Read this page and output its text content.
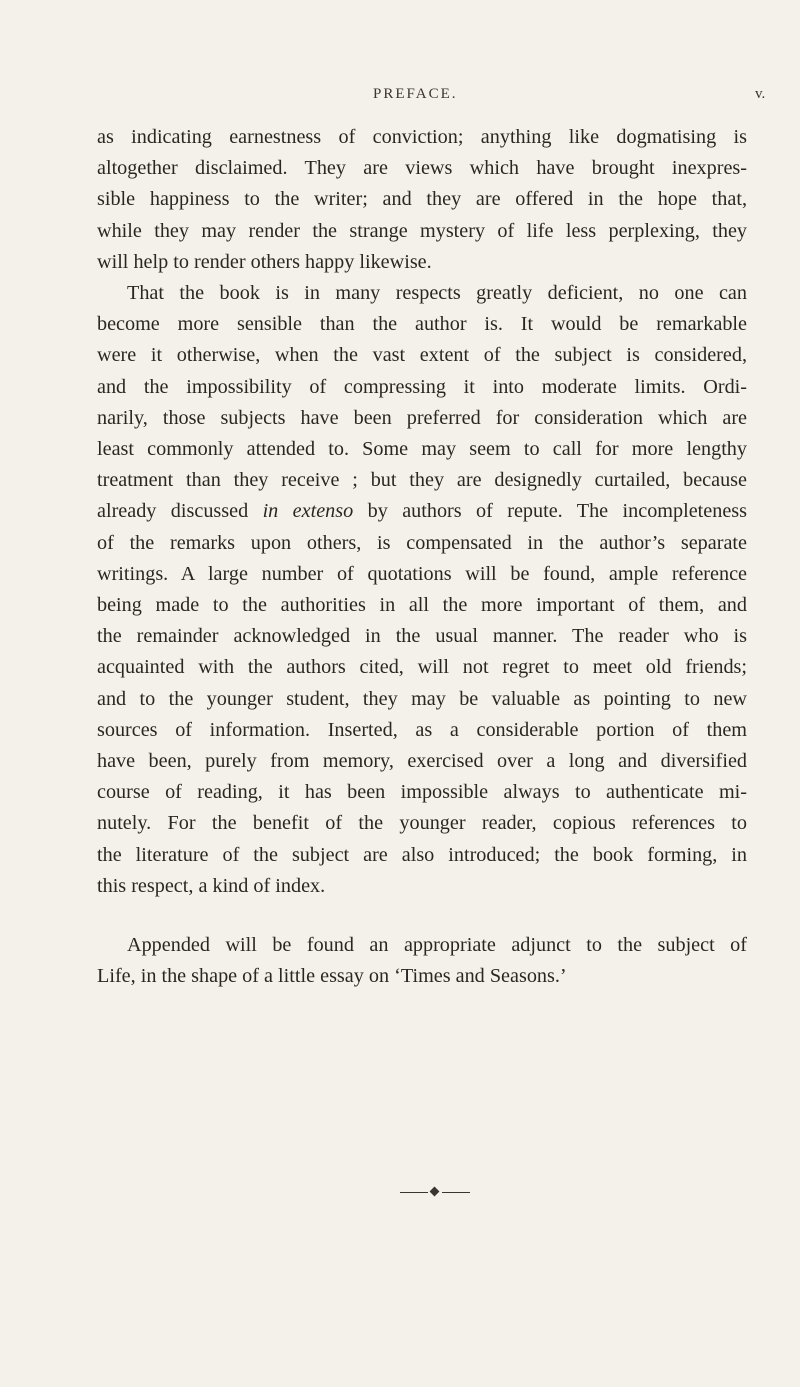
PREFACE.	v.
as indicating earnestness of conviction; anything like dogmatising is
altogether disclaimed. They are views which have brought inexpres-
sible happiness to the writer; and they are offered in the hope that,
while they may render the strange mystery of life less perplexing, they
will help to render others happy likewise.
That the book is in many respects greatly deficient, no one can
become more sensible than the author is. It would be remarkable
were it otherwise, when the vast extent of the subject is considered,
and the impossibility of compressing it into moderate limits. Ordi-
narily, those subjects have been preferred for consideration which are
least commonly attended to. Some may seem to call for more lengthy
treatment than they receive ; but they are designedly curtailed, because
already discussed in extenso by authors of repute. The incompleteness
of the remarks upon others, is compensated in the author’s separate
writings. A large number of quotations will be found, ample reference
being made to the authorities in all the more important of them, and
the remainder acknowledged in the usual manner. The reader who is
acquainted with the authors cited, will not regret to meet old friends;
and to the younger student, they may be valuable as pointing to new
sources of information. Inserted, as a considerable portion of them
have been, purely from memory, exercised over a long and diversified
course of reading, it has been impossible always to authenticate mi-
nutely. For the benefit of the younger reader, copious references to
the literature of the subject are also introduced; the book forming, in
this respect, a kind of index.
Appended will be found an appropriate adjunct to the subject of
Life, in the shape of a little essay on ‘Times and Seasons.’
